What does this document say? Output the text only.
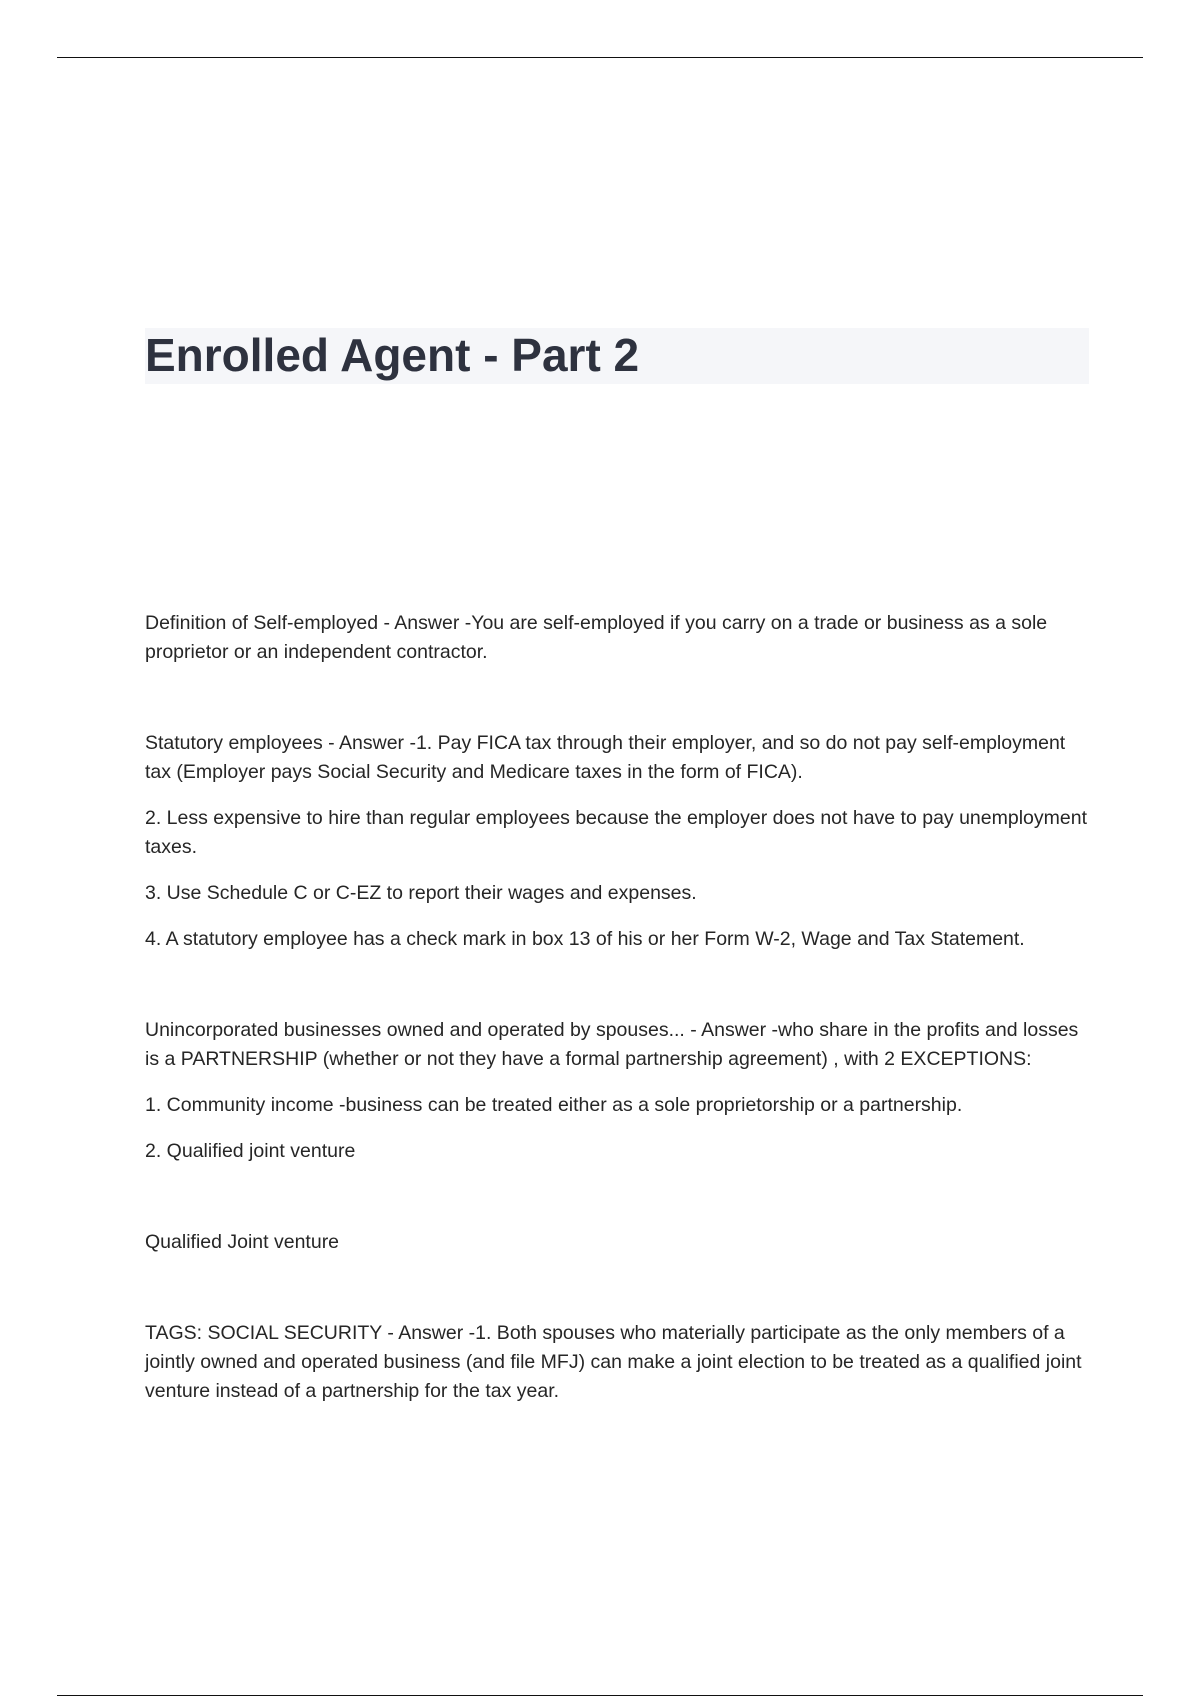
Enrolled Agent - Part 2

Definition of Self-employed - Answer -You are self-employed if you carry on a trade or business as a sole proprietor or an independent contractor.

Statutory employees - Answer -1. Pay FICA tax through their employer, and so do not pay self-employment tax (Employer pays Social Security and Medicare taxes in the form of FICA).

2. Less expensive to hire than regular employees because the employer does not have to pay unemployment taxes.

3. Use Schedule C or C-EZ to report their wages and expenses.

4. A statutory employee has a check mark in box 13 of his or her Form W-2, Wage and Tax Statement.

Unincorporated businesses owned and operated by spouses... - Answer -who share in the profits and losses is a PARTNERSHIP (whether or not they have a formal partnership agreement) , with 2 EXCEPTIONS:

1. Community income -business can be treated either as a sole proprietorship or a partnership.

2. Qualified joint venture

Qualified Joint venture

TAGS: SOCIAL SECURITY - Answer -1. Both spouses who materially participate as the only members of a jointly owned and operated business (and file MFJ) can make a joint election to be treated as a qualified joint venture instead of a partnership for the tax year.
